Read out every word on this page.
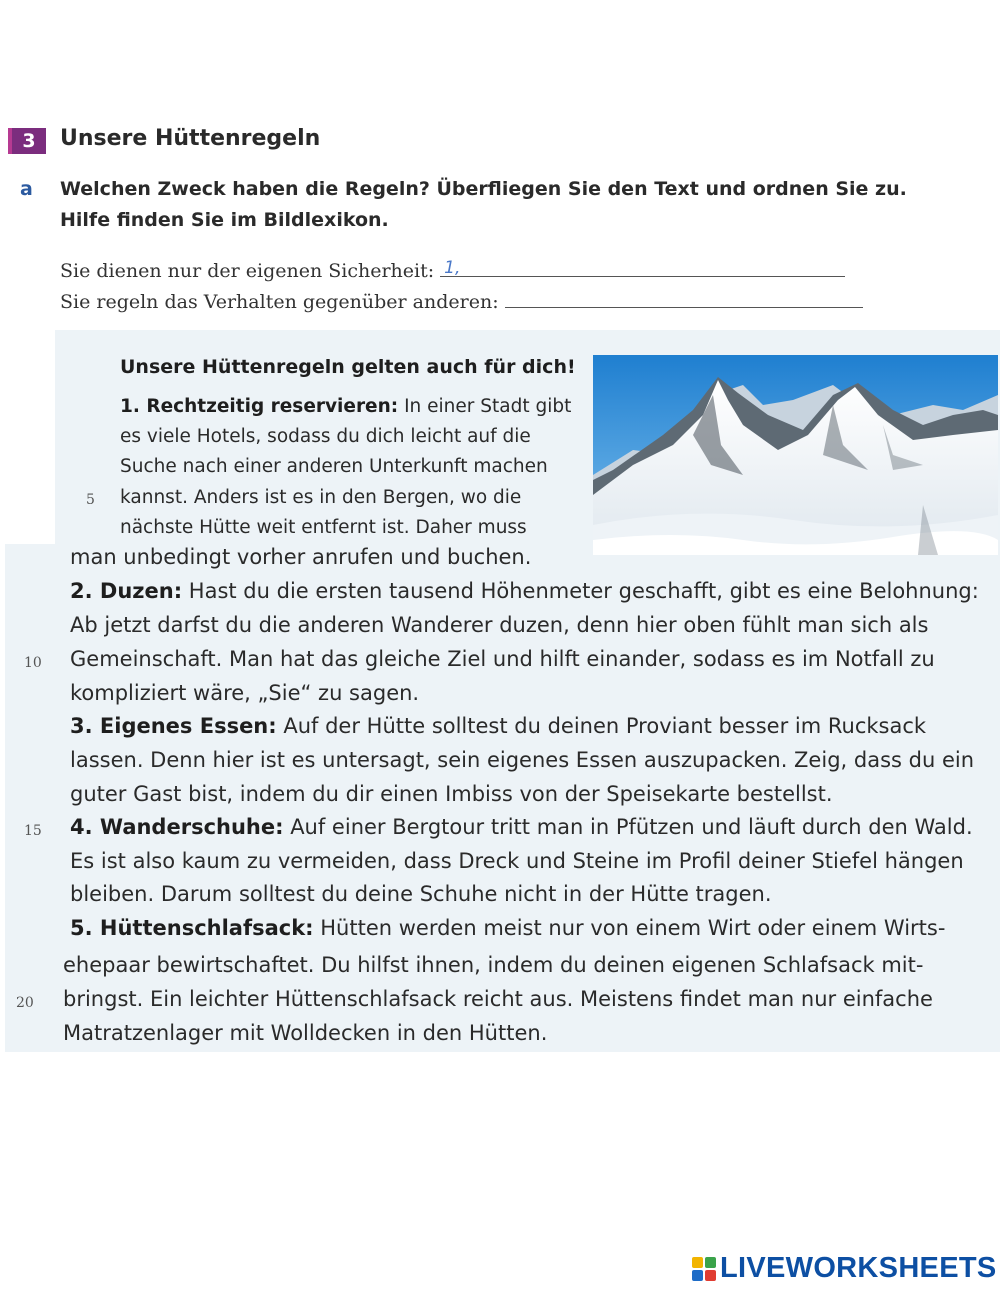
3	Unsere Hüttenregeln
a Welchen Zweck haben die Regeln? Überfliegen Sie den Text und ordnen Sie zu.
Hilfe finden Sie im Bildlexikon.
Sie dienen nur der eigenen Sicherheit: 1,
Sie regeln das Verhalten gegenüber anderen:
Unsere Hüttenregeln gelten auch für dich!
1. Rechtzeitig reservieren: In einer Stadt gibt
es viele Hotels, sodass du dich leicht auf die
Suche nach einer anderen Unterkunft machen
kannst. Anders ist es in den Bergen, wo die
nächste Hütte weit entfernt ist. Daher muss
man unbedingt vorher anrufen und buchen.
2. Duzen: Hast du die ersten tausend Höhenmeter geschafft, gibt es eine Belohnung:
Ab jetzt darfst du die anderen Wanderer duzen, denn hier oben fühlt man sich als
Gemeinschaft. Man hat das gleiche Ziel und hilft einander, sodass es im Notfall zu
kompliziert wäre, „Sie“ zu sagen.
3. Eigenes Essen: Auf der Hütte solltest du deinen Proviant besser im Rucksack
lassen. Denn hier ist es untersagt, sein eigenes Essen auszupacken. Zeig, dass du ein
guter Gast bist, indem du dir einen Imbiss von der Speisekarte bestellst.
4. Wanderschuhe: Auf einer Bergtour tritt man in Pfützen und läuft durch den Wald.
Es ist also kaum zu vermeiden, dass Dreck und Steine im Profil deiner Stiefel hängen
bleiben. Darum solltest du deine Schuhe nicht in der Hütte tragen.
5. Hüttenschlafsack: Hütten werden meist nur von einem Wirt oder einem Wirts-
ehepaar bewirtschaftet. Du hilfst ihnen, indem du deinen eigenen Schlafsack mit-
bringst. Ein leichter Hüttenschlafsack reicht aus. Meistens findet man nur einfache
Matratzenlager mit Wolldecken in den Hütten.
5
10
15
20
LIVEWORKSHEETS
